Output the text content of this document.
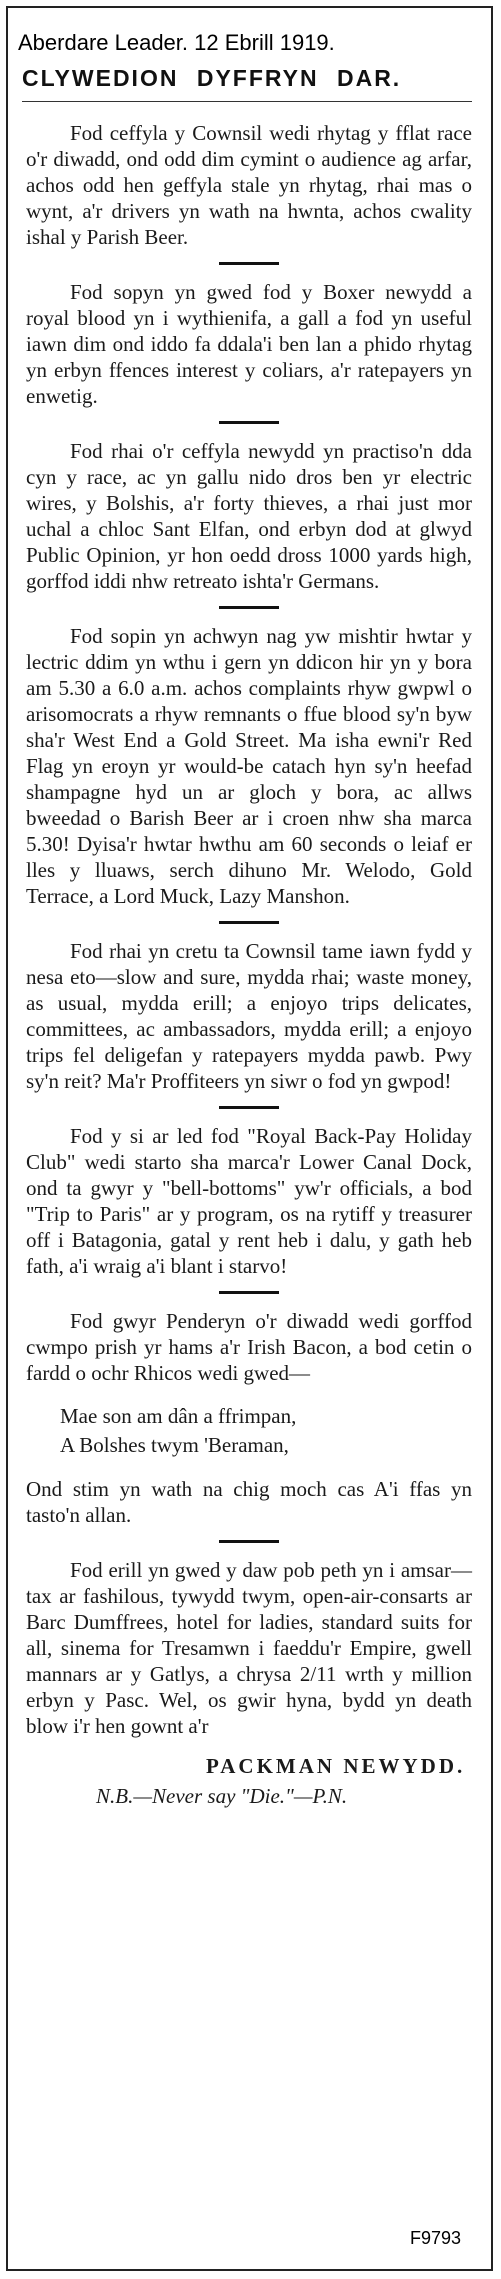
Aberdare Leader. 12 Ebrill 1919.
CLYWEDION DYFFRYN DAR.

Fod ceffyla y Cownsil wedi rhytag y fflat race o'r diwadd, ond odd dim cymint o audience ag arfar, achos odd hen geffyla stale yn rhytag, rhai mas o wynt, a'r drivers yn wath na hwnta, achos cwality ishal y Parish Beer.

Fod sopyn yn gwed fod y Boxer newydd a royal blood yn i wythienifa, a gall a fod yn useful iawn dim ond iddo fa ddala'i ben lan a phido rhytag yn erbyn ffences interest y coliars, a'r ratepayers yn enwetig.

Fod rhai o'r ceffyla newydd yn practiso'n dda cyn y race, ac yn gallu nido dros ben yr electric wires, y Bolshis, a'r forty thieves, a rhai just mor uchal a chloc Sant Elfan, ond erbyn dod at glwyd Public Opinion, yr hon oedd dross 1000 yards high, gorffod iddi nhw retreato ishta'r Germans.

Fod sopin yn achwyn nag yw mishtir hwtar y lectric ddim yn wthu i gern yn ddicon hir yn y bora am 5.30 a 6.0 a.m. achos complaints rhyw gwpwl o arisomocrats a rhyw remnants o ffue blood sy'n byw sha'r West End a Gold Street. Ma isha ewni'r Red Flag yn eroyn yr would-be catach hyn sy'n heefad shampagne hyd un ar gloch y bora, ac allws bweedad o Barish Beer ar i croen nhw sha marca 5.30! Dyisa'r hwtar hwthu am 60 seconds o leiaf er lles y lluaws, serch dihuno Mr. Welodo, Gold Terrace, a Lord Muck, Lazy Manshon.

Fod rhai yn cretu ta Cownsil tame iawn fydd y nesa eto—slow and sure, mydda rhai; waste money, as usual, mydda erill; a enjoyo trips delicates, committees, ac ambassadors, mydda erill; a enjoyo trips fel deligefan y ratepayers mydda pawb. Pwy sy'n reit? Ma'r Proffiteers yn siwr o fod yn gwpod!

Fod y si ar led fod "Royal Back-Pay Holiday Club" wedi starto sha marca'r Lower Canal Dock, ond ta gwyr y "bell-bottoms" yw'r officials, a bod "Trip to Paris" ar y program, os na rytiff y treasurer off i Batagonia, gatal y rent heb i dalu, y gath heb fath, a'i wraig a'i blant i starvo!

Fod gwyr Penderyn o'r diwadd wedi gorffod cwmpo prish yr hams a'r Irish Bacon, a bod cetin o fardd o ochr Rhicos wedi gwed—

Mae son am dân a ffrimpan,
A Bolshes twym 'Beraman,

Ond stim yn wath na chig moch cas A'i ffas yn tasto'n allan.

Fod erill yn gwed y daw pob peth yn i amsar—tax ar fashilous, tywydd twym, open-air-consarts ar Barc Dumffrees, hotel for ladies, standard suits for all, sinema for Tresamwn i faeddu'r Empire, gwell mannars ar y Gatlys, a chrysa 2/11 wrth y million erbyn y Pasc. Wel, os gwir hyna, bydd yn death blow i'r hen gownt a'r

PACKMAN NEWYDD.
N.B.—Never say "Die."—P.N.
F9793
